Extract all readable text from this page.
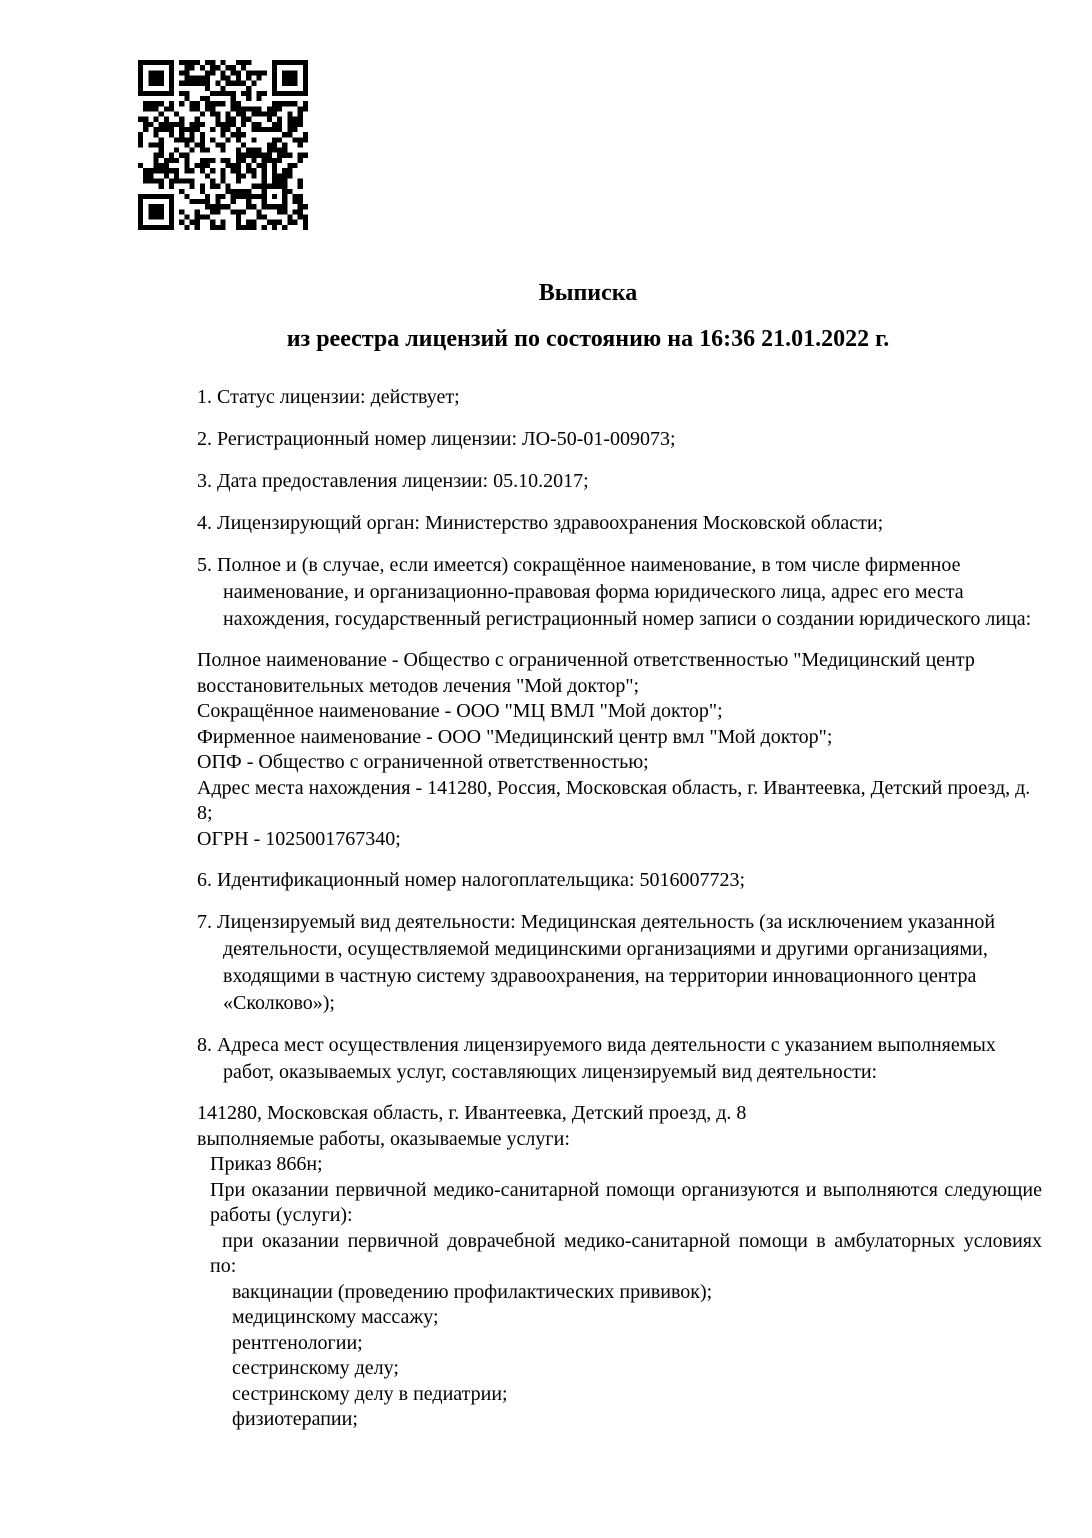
Выписка
из реестра лицензий по состоянию на 16:36 21.01.2022 г.
1. Статус лицензии: действует;
2. Регистрационный номер лицензии: ЛО-50-01-009073;
3. Дата предоставления лицензии: 05.10.2017;
4. Лицензирующий орган: Министерство здравоохранения Московской области;
5. Полное и (в случае, если имеется) сокращённое наименование, в том числе фирменное наименование, и организационно-правовая форма юридического лица, адрес его места нахождения, государственный регистрационный номер записи о создании юридического лица:
Полное наименование - Общество с ограниченной ответственностью "Медицинский центр восстановительных методов лечения "Мой доктор";
Сокращённое наименование - ООО "МЦ ВМЛ "Мой доктор";
Фирменное наименование - ООО "Медицинский центр вмл "Мой доктор";
ОПФ - Общество с ограниченной ответственностью;
Адрес места нахождения - 141280, Россия, Московская область, г. Ивантеевка, Детский проезд, д. 8;
ОГРН - 1025001767340;
6. Идентификационный номер налогоплательщика: 5016007723;
7. Лицензируемый вид деятельности: Медицинская деятельность (за исключением указанной деятельности, осуществляемой медицинскими организациями и другими организациями, входящими в частную систему здравоохранения, на территории инновационного центра «Сколково»);
8. Адреса мест осуществления лицензируемого вида деятельности с указанием выполняемых работ, оказываемых услуг, составляющих лицензируемый вид деятельности:
141280, Московская область, г. Ивантеевка, Детский проезд, д. 8
выполняемые работы, оказываемые услуги:
Приказ 866н;
При оказании первичной медико-санитарной помощи организуются и выполняются следующие работы (услуги):
при оказании первичной доврачебной медико-санитарной помощи в амбулаторных условиях по:
вакцинации (проведению профилактических прививок);
медицинскому массажу;
рентгенологии;
сестринскому делу;
сестринскому делу в педиатрии;
физиотерапии;
